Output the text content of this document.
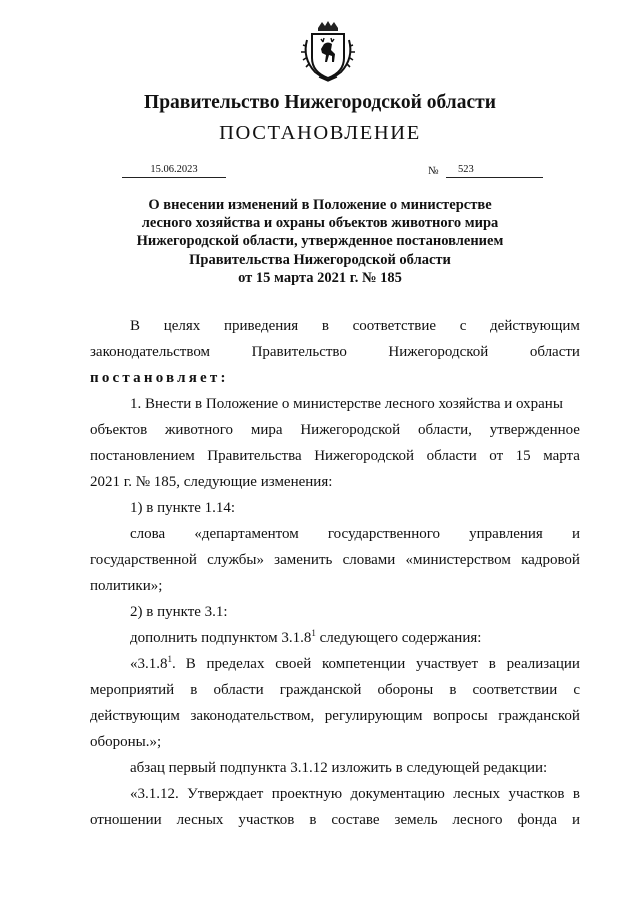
Правительство Нижегородской области
ПОСТАНОВЛЕНИЕ
15.06.2023	№	523
О внесении изменений в Положение о министерстве
лесного хозяйства и охраны объектов животного мира
Нижегородской области, утвержденное постановлением
Правительства Нижегородской области
от 15 марта 2021 г. № 185
В целях приведения в соответствие с действующим
законодательством	Правительство	Нижегородской	области
постановляет:
1. Внести в Положение о министерстве лесного хозяйства и охраны
объектов животного мира Нижегородской области, утвержденное
постановлением Правительства Нижегородской области от 15 марта
2021 г. № 185, следующие изменения:
1) в пункте 1.14:
слова «департаментом государственного управления и
государственной службы» заменить словами «министерством кадровой
политики»;
2) в пункте 3.1:
дополнить подпунктом 3.1.8$^1$ следующего содержания:
«3.1.8$^1$. В пределах своей компетенции участвует в реализации
мероприятий в области гражданской обороны в соответствии с
действующим законодательством, регулирующим вопросы гражданской
обороны.»;
абзац первый подпункта 3.1.12 изложить в следующей редакции:
«3.1.12. Утверждает проектную документацию лесных участков в
отношении лесных участков в составе земель лесного фонда и
